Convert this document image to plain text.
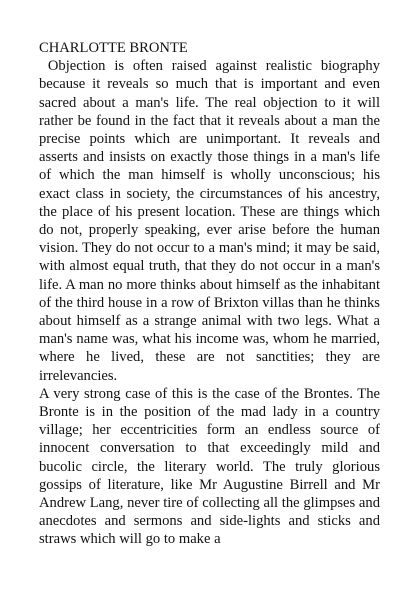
CHARLOTTE BRONTE

Objection is often raised against realistic biography because it reveals so much that is important and even sacred about a man's life. The real objection to it will rather be found in the fact that it reveals about a man the precise points which are unimportant. It reveals and asserts and insists on exactly those things in a man's life of which the man himself is wholly unconscious; his exact class in society, the circumstances of his ancestry, the place of his present location. These are things which do not, properly speaking, ever arise before the human vision. They do not occur to a man's mind; it may be said, with almost equal truth, that they do not occur in a man's life. A man no more thinks about himself as the inhabitant of the third house in a row of Brixton villas than he thinks about himself as a strange animal with two legs. What a man's name was, what his income was, whom he married, where he lived, these are not sanctities; they are irrelevancies.

A very strong case of this is the case of the Brontes. The Bronte is in the position of the mad lady in a country village; her eccentricities form an endless source of innocent conversation to that exceedingly mild and bucolic circle, the literary world. The truly glorious gossips of literature, like Mr Augustine Birrell and Mr Andrew Lang, never tire of collecting all the glimpses and anecdotes and sermons and side-lights and sticks and straws which will go to make a
